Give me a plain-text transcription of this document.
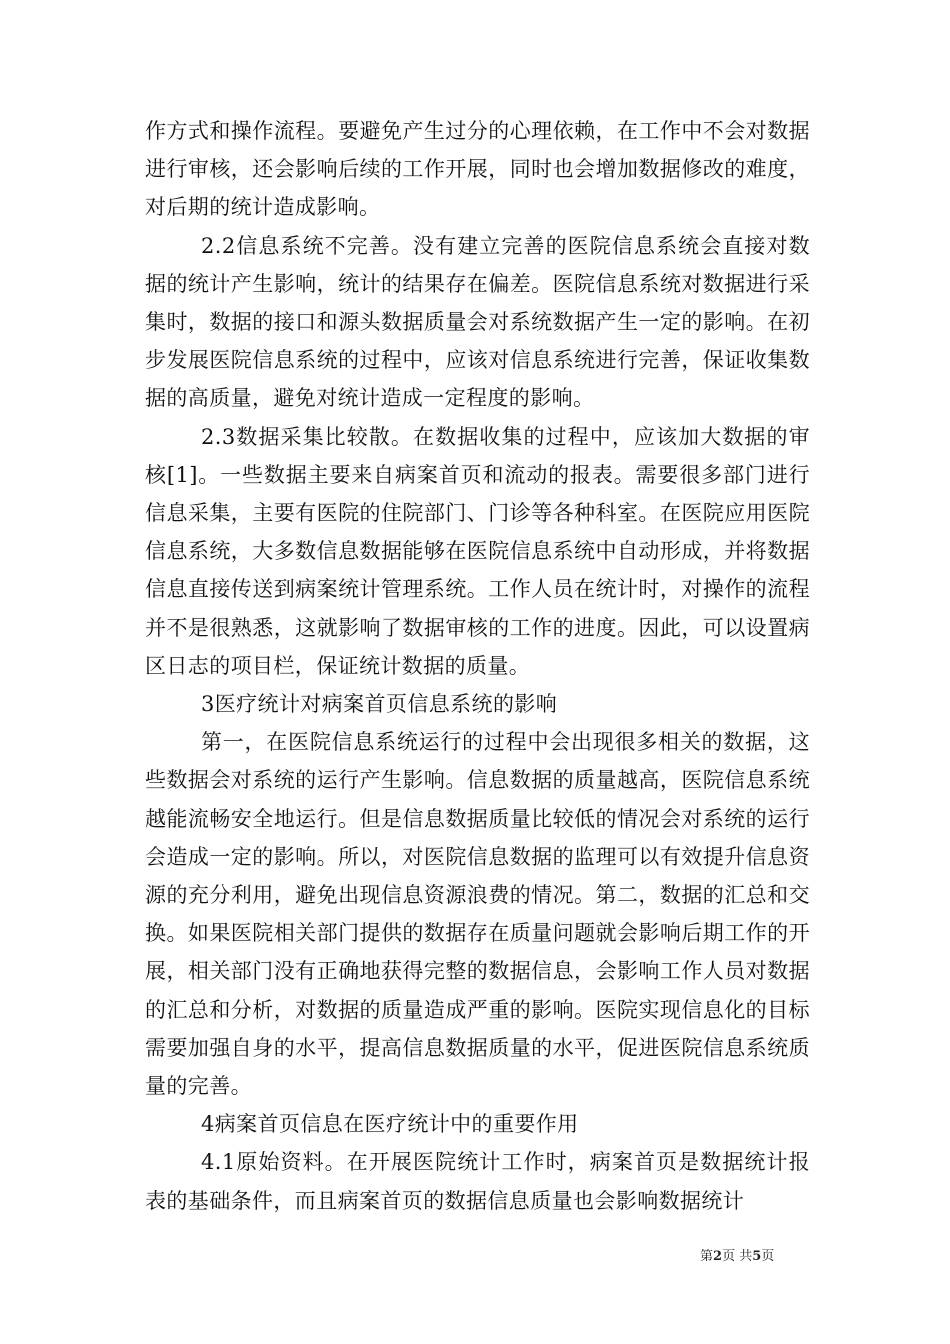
作方式和操作流程。要避免产生过分的心理依赖，在工作中不会对数据进行审核，还会影响后续的工作开展，同时也会增加数据修改的难度，对后期的统计造成影响。

2.2信息系统不完善。没有建立完善的医院信息系统会直接对数据的统计产生影响，统计的结果存在偏差。医院信息系统对数据进行采集时，数据的接口和源头数据质量会对系统数据产生一定的影响。在初步发展医院信息系统的过程中，应该对信息系统进行完善，保证收集数据的高质量，避免对统计造成一定程度的影响。

2.3数据采集比较散。在数据收集的过程中，应该加大数据的审核[1]。一些数据主要来自病案首页和流动的报表。需要很多部门进行信息采集，主要有医院的住院部门、门诊等各种科室。在医院应用医院信息系统，大多数信息数据能够在医院信息系统中自动形成，并将数据信息直接传送到病案统计管理系统。工作人员在统计时，对操作的流程并不是很熟悉，这就影响了数据审核的工作的进度。因此，可以设置病区日志的项目栏，保证统计数据的质量。

3医疗统计对病案首页信息系统的影响

第一，在医院信息系统运行的过程中会出现很多相关的数据，这些数据会对系统的运行产生影响。信息数据的质量越高，医院信息系统越能流畅安全地运行。但是信息数据质量比较低的情况会对系统的运行会造成一定的影响。所以，对医院信息数据的监理可以有效提升信息资源的充分利用，避免出现信息资源浪费的情况。第二，数据的汇总和交换。如果医院相关部门提供的数据存在质量问题就会影响后期工作的开展，相关部门没有正确地获得完整的数据信息，会影响工作人员对数据的汇总和分析，对数据的质量造成严重的影响。医院实现信息化的目标需要加强自身的水平，提高信息数据质量的水平，促进医院信息系统质量的完善。

4病案首页信息在医疗统计中的重要作用

4.1原始资料。在开展医院统计工作时，病案首页是数据统计报表的基础条件，而且病案首页的数据信息质量也会影响数据统计

第2页 共5页
